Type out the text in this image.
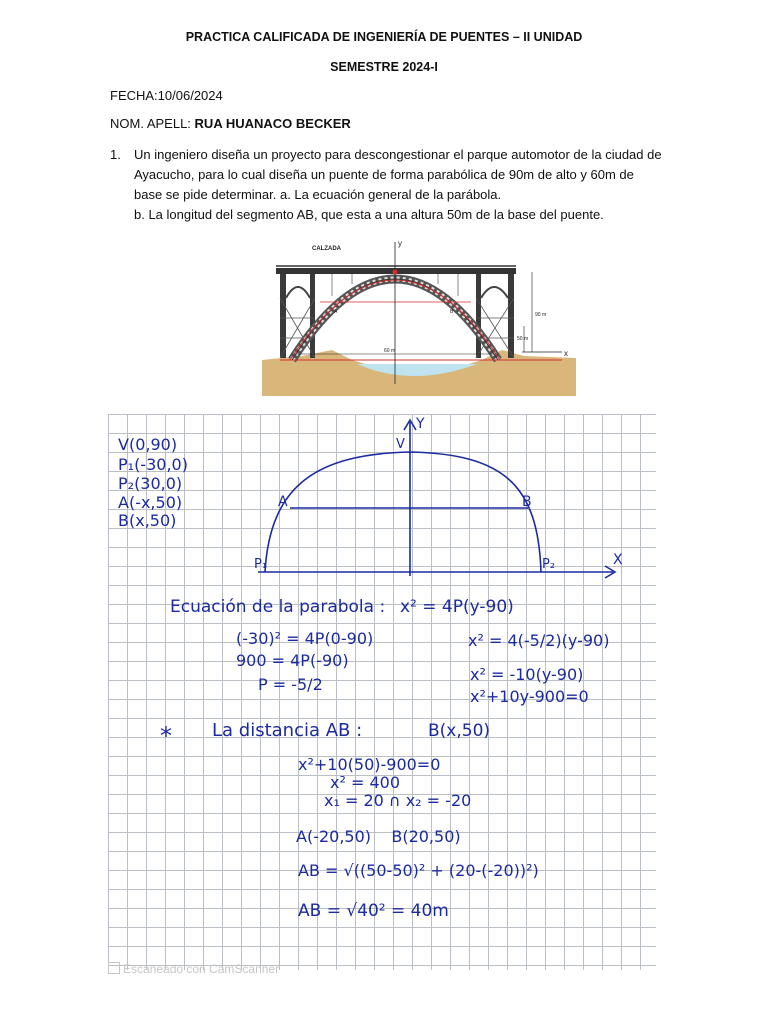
PRACTICA CALIFICADA DE INGENIERÍA DE PUENTES – II UNIDAD
SEMESTRE 2024-I
FECHA:10/06/2024
NOM. APELL: RUA HUANACO BECKER
1. Un ingeniero diseña un proyecto para descongestionar el parque automotor de la ciudad de Ayacucho, para lo cual diseña un puente de forma parabólica de 90m de alto y 60m de base se pide determinar. a. La ecuación general de la parábola.
b. La longitud del segmento AB, que esta a una altura 50m de la base del puente.
CALZADA
y
x
90 m
50 m
60 m
A	B
V(0,90)
P₁(-30,0)
P₂(30,0)
A(-x,50)
B(x,50)
Y
X
V
A	B
P₁	P₂
Ecuación de la parabola : x² = 4P(y-90)
(-30)² = 4P(0-90)
900 = 4P(-90)
P = -5/2
x² = 4(-5/2)(y-90)
x² = -10(y-90)
x²+10y-900=0
* La distancia AB :	B(x,50)
x²+10(50)-900=0
x² = 400
x₁ = 20 ∩ x₂ = -20
A(-20,50)    B(20,50)
AB = √((50-50)² + (20-(-20))²)
AB = √40² = 40m
Escaneado con CamScanner
